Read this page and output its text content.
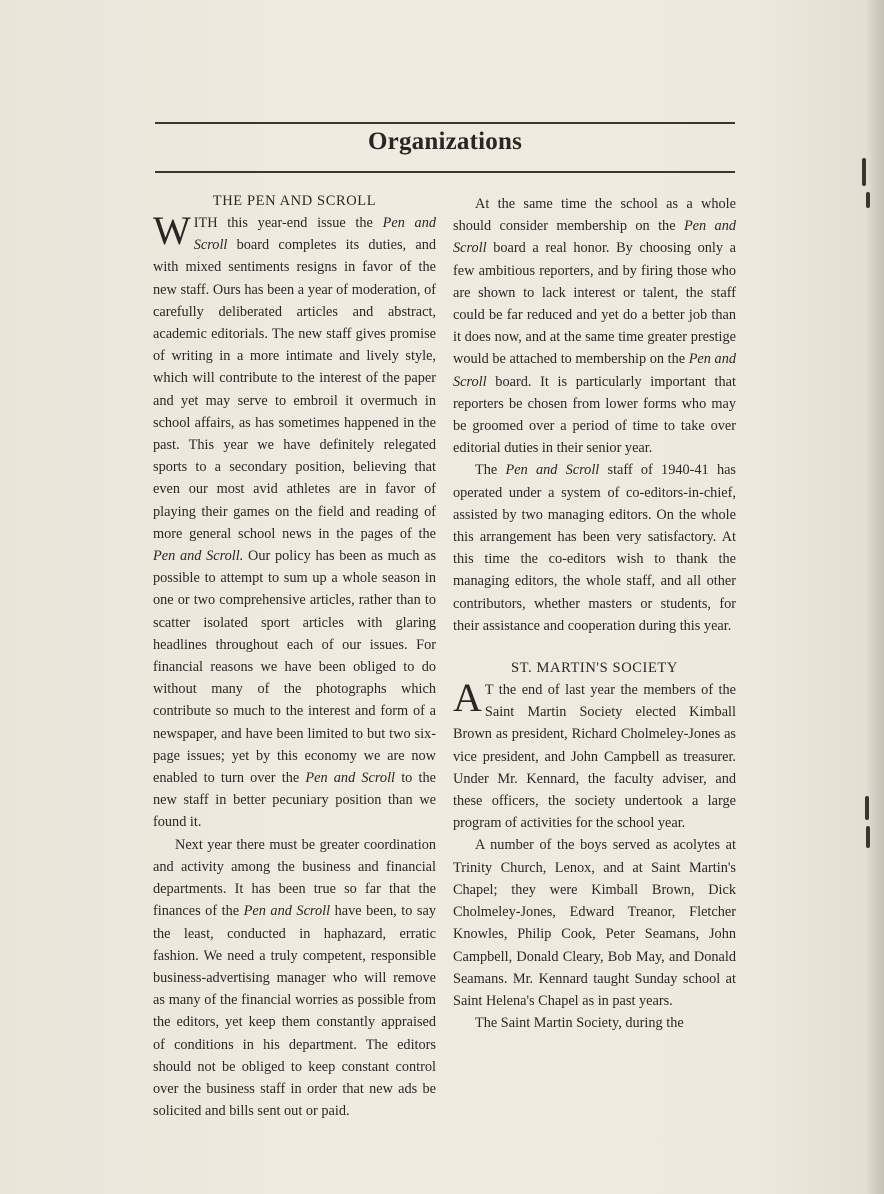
Organizations
THE PEN AND SCROLL

WITH this year-end issue the Pen and Scroll board completes its duties, and with mixed sentiments resigns in favor of the new staff. Ours has been a year of moderation, of carefully deliberated articles and abstract, academic editorials. The new staff gives promise of writing in a more intimate and lively style, which will contribute to the interest of the paper and yet may serve to embroil it overmuch in school affairs, as has sometimes happened in the past. This year we have definitely relegated sports to a secondary position, believing that even our most avid athletes are in favor of playing their games on the field and reading of more general school news in the pages of the Pen and Scroll. Our policy has been as much as possible to attempt to sum up a whole season in one or two comprehensive articles, rather than to scatter isolated sport articles with glaring headlines throughout each of our issues. For financial reasons we have been obliged to do without many of the photographs which contribute so much to the interest and form of a newspaper, and have been limited to but two six-page issues; yet by this economy we are now enabled to turn over the Pen and Scroll to the new staff in better pecuniary position than we found it.

Next year there must be greater coordination and activity among the business and financial departments. It has been true so far that the finances of the Pen and Scroll have been, to say the least, conducted in haphazard, erratic fashion. We need a truly competent, responsible business-advertising manager who will remove as many of the financial worries as possible from the editors, yet keep them constantly appraised of conditions in his department. The editors should not be obliged to keep constant control over the business staff in order that new ads be solicited and bills sent out or paid.

At the same time the school as a whole should consider membership on the Pen and Scroll board a real honor. By choosing only a few ambitious reporters, and by firing those who are shown to lack interest or talent, the staff could be far reduced and yet do a better job than it does now, and at the same time greater prestige would be attached to membership on the Pen and Scroll board. It is particularly important that reporters be chosen from lower forms who may be groomed over a period of time to take over editorial duties in their senior year.

The Pen and Scroll staff of 1940-41 has operated under a system of co-editors-in-chief, assisted by two managing editors. On the whole this arrangement has been very satisfactory. At this time the co-editors wish to thank the managing editors, the whole staff, and all other contributors, whether masters or students, for their assistance and cooperation during this year.

ST. MARTIN'S SOCIETY

A T the end of last year the members of the Saint Martin Society elected Kimball Brown as president, Richard Cholmeley-Jones as vice president, and John Campbell as treasurer. Under Mr. Kennard, the faculty adviser, and these officers, the society undertook a large program of activities for the school year.

A number of the boys served as acolytes at Trinity Church, Lenox, and at Saint Martin's Chapel; they were Kimball Brown, Dick Cholmeley-Jones, Edward Treanor, Fletcher Knowles, Philip Cook, Peter Seamans, John Campbell, Donald Cleary, Bob May, and Donald Seamans. Mr. Kennard taught Sunday school at Saint Helena's Chapel as in past years.

The Saint Martin Society, during the
